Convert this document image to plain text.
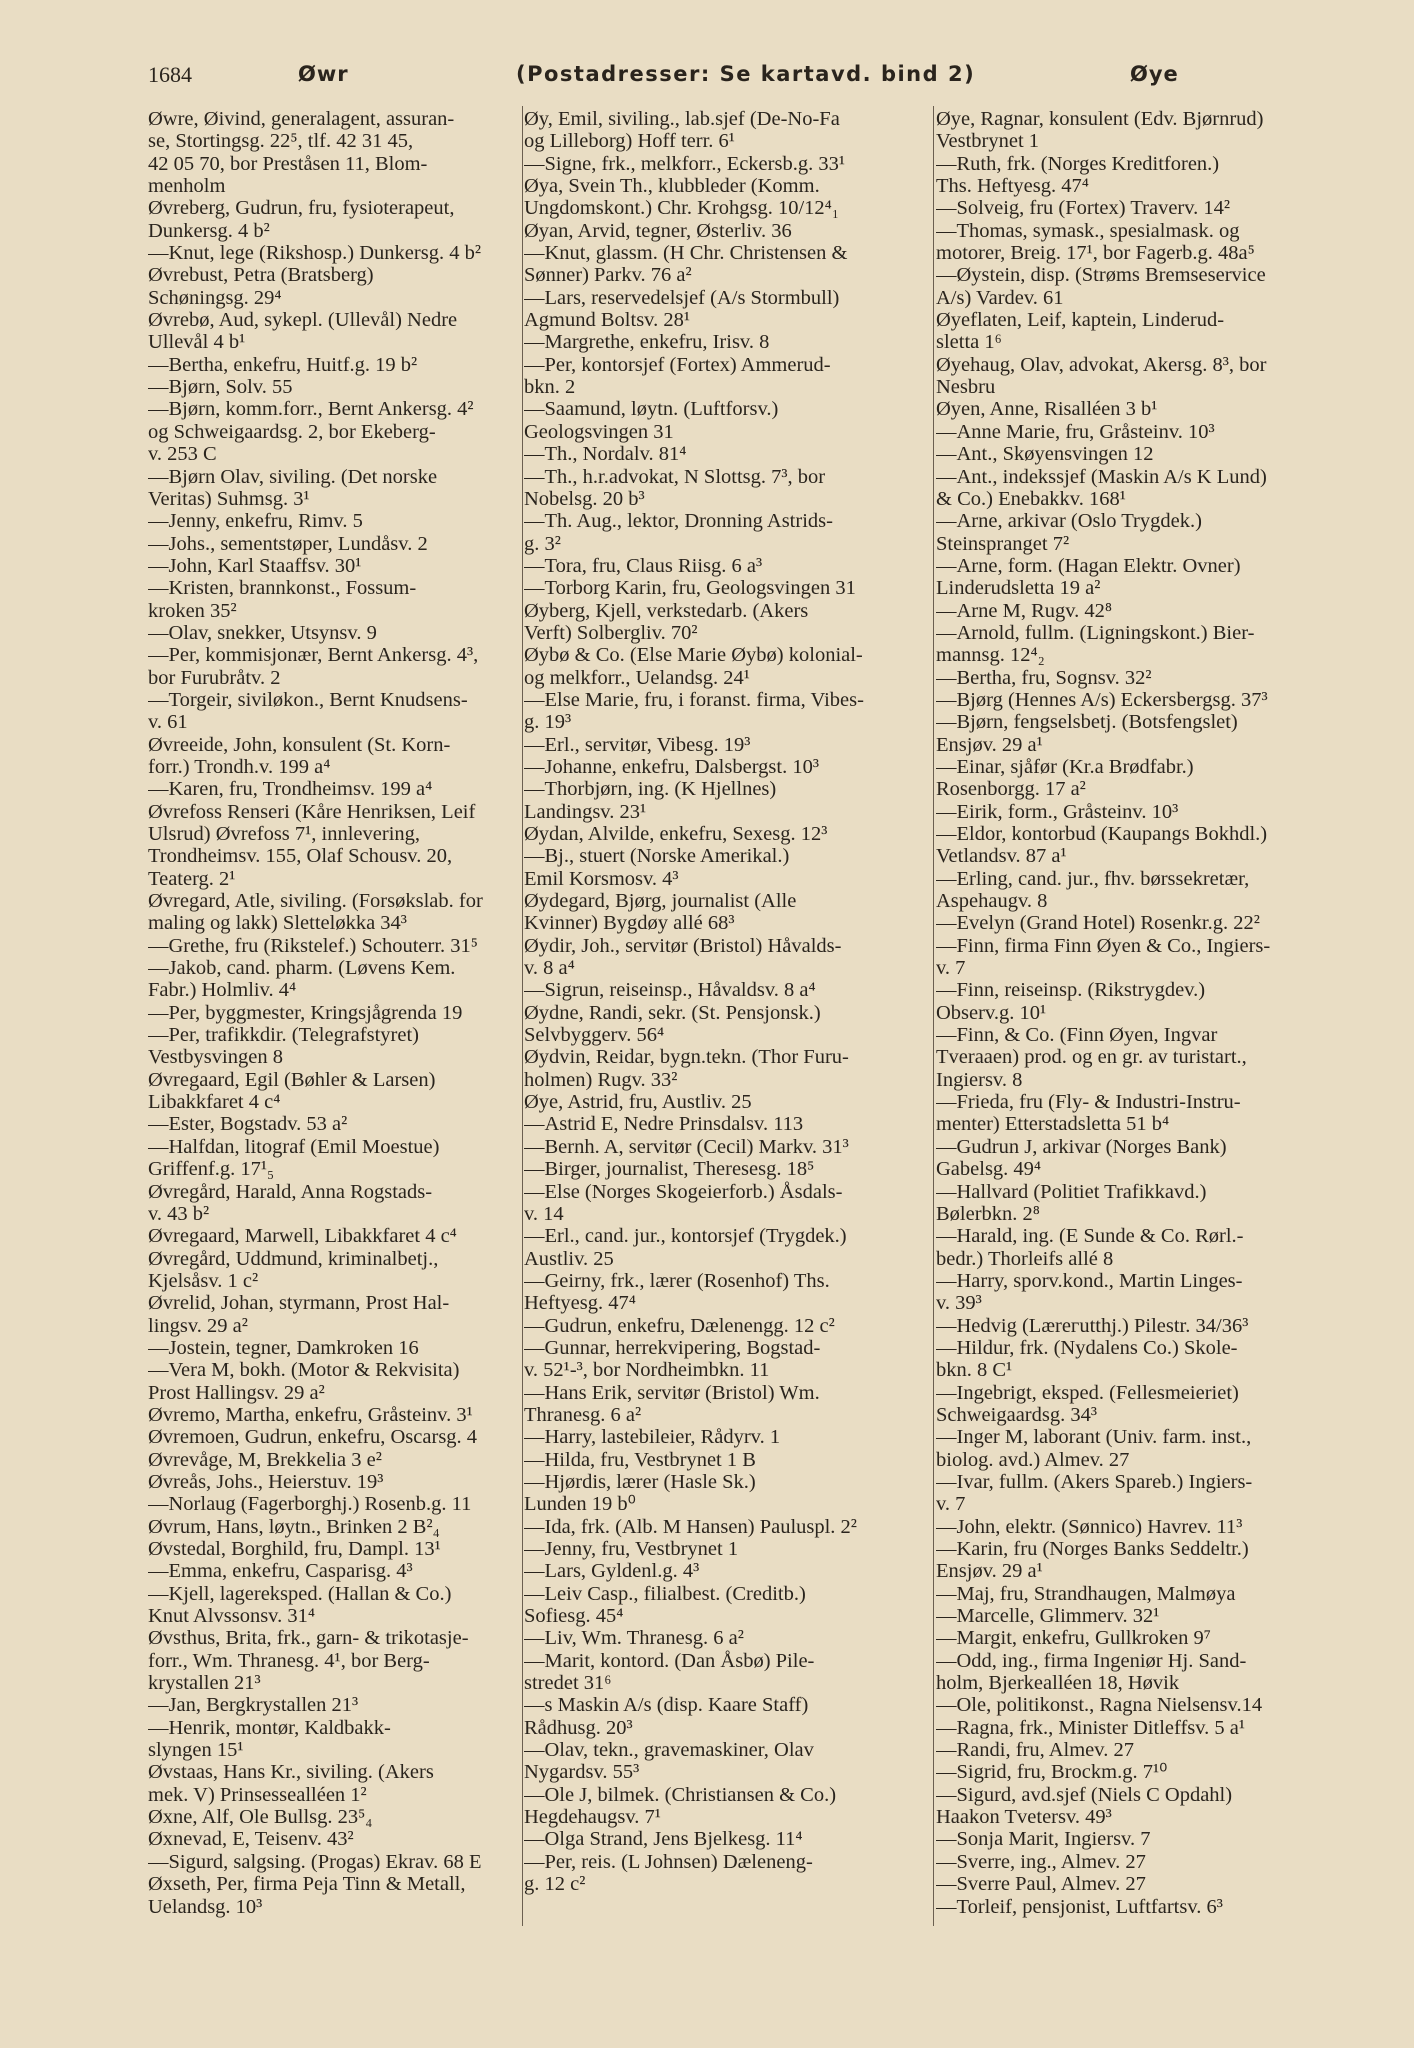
1684	Øwr	(Postadresser: Se kartavd. bind 2)	Øye
Øwre, Øivind, generalagent, assuran-
se, Stortingsg. 22⁵, tlf. 42 31 45,
42 05 70, bor Preståsen 11, Blom-
menholm
Øvreberg, Gudrun, fru, fysioterapeut,
Dunkersg. 4 b²
—Knut, lege (Rikshosp.) Dunkersg. 4 b²
Øvrebust, Petra (Bratsberg)
Schøningsg. 29⁴
Øvrebø, Aud, sykepl. (Ullevål) Nedre
Ullevål 4 b¹
—Bertha, enkefru, Huitf.g. 19 b²
—Bjørn, Solv. 55
—Bjørn, komm.forr., Bernt Ankersg. 4²
og Schweigaardsg. 2, bor Ekeberg-
v. 253 C
—Bjørn Olav, siviling. (Det norske
Veritas) Suhmsg. 3¹
—Jenny, enkefru, Rimv. 5
—Johs., sementstøper, Lundåsv. 2
—John, Karl Staaffsv. 30¹
—Kristen, brannkonst., Fossum-
kroken 35²
—Olav, snekker, Utsynsv. 9
—Per, kommisjonær, Bernt Ankersg. 4³,
bor Furubråtv. 2
—Torgeir, siviløkon., Bernt Knudsens-
v. 61
Øvreeide, John, konsulent (St. Korn-
forr.) Trondh.v. 199 a⁴
—Karen, fru, Trondheimsv. 199 a⁴
Øvrefoss Renseri (Kåre Henriksen, Leif
Ulsrud) Øvrefoss 7¹, innlevering,
Trondheimsv. 155, Olaf Schousv. 20,
Teaterg. 2¹
Øvregard, Atle, siviling. (Forsøkslab. for
maling og lakk) Sletteløkka 34³
—Grethe, fru (Rikstelef.) Schouterr. 31⁵
—Jakob, cand. pharm. (Løvens Kem.
Fabr.) Holmliv. 4⁴
—Per, byggmester, Kringsjågrenda 19
—Per, trafikkdir. (Telegrafstyret)
Vestbysvingen 8
Øvregaard, Egil (Bøhler & Larsen)
Libakkfaret 4 c⁴
—Ester, Bogstadv. 53 a²
—Halfdan, litograf (Emil Moestue)
Griffenf.g. 17¹₅
Øvregård, Harald, Anna Rogstads-
v. 43 b²
Øvregaard, Marwell, Libakkfaret 4 c⁴
Øvregård, Uddmund, kriminalbetj.,
Kjelsåsv. 1 c²
Øvrelid, Johan, styrmann, Prost Hal-
lingsv. 29 a²
—Jostein, tegner, Damkroken 16
—Vera M, bokh. (Motor & Rekvisita)
Prost Hallingsv. 29 a²
Øvremo, Martha, enkefru, Gråsteinv. 3¹
Øvremoen, Gudrun, enkefru, Oscarsg. 4
Øvrevåge, M, Brekkelia 3 e²
Øvreås, Johs., Heierstuv. 19³
—Norlaug (Fagerborghj.) Rosenb.g. 11
Øvrum, Hans, løytn., Brinken 2 B²₄
Øvstedal, Borghild, fru, Dampl. 13¹
—Emma, enkefru, Casparisg. 4³
—Kjell, lagereksped. (Hallan & Co.)
Knut Alvssonsv. 31⁴
Øvsthus, Brita, frk., garn- & trikotasje-
forr., Wm. Thranesg. 4¹, bor Berg-
krystallen 21³
—Jan, Bergkrystallen 21³
—Henrik, montør, Kaldbakk-
slyngen 15¹
Øvstaas, Hans Kr., siviling. (Akers
mek. V) Prinsessealléen 1²
Øxne, Alf, Ole Bullsg. 23⁵₄
Øxnevad, E, Teisenv. 43²
—Sigurd, salgsing. (Progas) Ekrav. 68 E
Øxseth, Per, firma Peja Tinn & Metall,
Uelandsg. 10³
Øy, Emil, siviling., lab.sjef (De-No-Fa
og Lilleborg) Hoff terr. 6¹
—Signe, frk., melkforr., Eckersb.g. 33¹
Øya, Svein Th., klubbleder (Komm.
Ungdomskont.) Chr. Krohgsg. 10/12⁴₁
Øyan, Arvid, tegner, Østerliv. 36
—Knut, glassm. (H Chr. Christensen &
Sønner) Parkv. 76 a²
—Lars, reservedelsjef (A/s Stormbull)
Agmund Boltsv. 28¹
—Margrethe, enkefru, Irisv. 8
—Per, kontorsjef (Fortex) Ammerud-
bkn. 2
—Saamund, løytn. (Luftforsv.)
Geologsvingen 31
—Th., Nordalv. 81⁴
—Th., h.r.advokat, N Slottsg. 7³, bor
Nobelsg. 20 b³
—Th. Aug., lektor, Dronning Astrids-
g. 3²
—Tora, fru, Claus Riisg. 6 a³
—Torborg Karin, fru, Geologsvingen 31
Øyberg, Kjell, verkstedarb. (Akers
Verft) Solbergliv. 70²
Øybø & Co. (Else Marie Øybø) kolonial-
og melkforr., Uelandsg. 24¹
—Else Marie, fru, i foranst. firma, Vibes-
g. 19³
—Erl., servitør, Vibesg. 19³
—Johanne, enkefru, Dalsbergst. 10³
—Thorbjørn, ing. (K Hjellnes)
Landingsv. 23¹
Øydan, Alvilde, enkefru, Sexesg. 12³
—Bj., stuert (Norske Amerikal.)
Emil Korsmosv. 4³
Øydegard, Bjørg, journalist (Alle
Kvinner) Bygdøy allé 68³
Øydir, Joh., servitør (Bristol) Håvalds-
v. 8 a⁴
—Sigrun, reiseinsp., Håvaldsv. 8 a⁴
Øydne, Randi, sekr. (St. Pensjonsk.)
Selvbyggerv. 56⁴
Øydvin, Reidar, bygn.tekn. (Thor Furu-
holmen) Rugv. 33²
Øye, Astrid, fru, Austliv. 25
—Astrid E, Nedre Prinsdalsv. 113
—Bernh. A, servitør (Cecil) Markv. 31³
—Birger, journalist, Theresesg. 18⁵
—Else (Norges Skogeierforb.) Åsdals-
v. 14
—Erl., cand. jur., kontorsjef (Trygdek.)
Austliv. 25
—Geirny, frk., lærer (Rosenhof) Ths.
Heftyesg. 47⁴
—Gudrun, enkefru, Dælenengg. 12 c²
—Gunnar, herrekvipering, Bogstad-
v. 52¹-³, bor Nordheimbkn. 11
—Hans Erik, servitør (Bristol) Wm.
Thranesg. 6 a²
—Harry, lastebileier, Rådyrv. 1
—Hilda, fru, Vestbrynet 1 B
—Hjørdis, lærer (Hasle Sk.)
Lunden 19 b⁰
—Ida, frk. (Alb. M Hansen) Pauluspl. 2²
—Jenny, fru, Vestbrynet 1
—Lars, Gyldenl.g. 4³
—Leiv Casp., filialbest. (Creditb.)
Sofiesg. 45⁴
—Liv, Wm. Thranesg. 6 a²
—Marit, kontord. (Dan Åsbø) Pile-
stredet 31⁶
—s Maskin A/s (disp. Kaare Staff)
Rådhusg. 20³
—Olav, tekn., gravemaskiner, Olav
Nygardsv. 55³
—Ole J, bilmek. (Christiansen & Co.)
Hegdehaugsv. 7¹
—Olga Strand, Jens Bjelkesg. 11⁴
—Per, reis. (L Johnsen) Dæleneng-
g. 12 c²
Øye, Ragnar, konsulent (Edv. Bjørnrud)
Vestbrynet 1
—Ruth, frk. (Norges Kreditforen.)
Ths. Heftyesg. 47⁴
—Solveig, fru (Fortex) Traverv. 14²
—Thomas, symask., spesialmask. og
motorer, Breig. 17¹, bor Fagerb.g. 48a⁵
—Øystein, disp. (Strøms Bremseservice
A/s) Vardev. 61
Øyeflaten, Leif, kaptein, Linderud-
sletta 1⁶
Øyehaug, Olav, advokat, Akersg. 8³, bor
Nesbru
Øyen, Anne, Risalléen 3 b¹
—Anne Marie, fru, Gråsteinv. 10³
—Ant., Skøyensvingen 12
—Ant., indekssjef (Maskin A/s K Lund)
& Co.) Enebakkv. 168¹
—Arne, arkivar (Oslo Trygdek.)
Steinspranget 7²
—Arne, form. (Hagan Elektr. Ovner)
Linderudsletta 19 a²
—Arne M, Rugv. 42⁸
—Arnold, fullm. (Ligningskont.) Bier-
mannsg. 12⁴₂
—Bertha, fru, Sognsv. 32²
—Bjørg (Hennes A/s) Eckersbergsg. 37³
—Bjørn, fengselsbetj. (Botsfengslet)
Ensjøv. 29 a¹
—Einar, sjåfør (Kr.a Brødfabr.)
Rosenborgg. 17 a²
—Eirik, form., Gråsteinv. 10³
—Eldor, kontorbud (Kaupangs Bokhdl.)
Vetlandsv. 87 a¹
—Erling, cand. jur., fhv. børssekretær,
Aspehaugv. 8
—Evelyn (Grand Hotel) Rosenkr.g. 22²
—Finn, firma Finn Øyen & Co., Ingiers-
v. 7
—Finn, reiseinsp. (Rikstrygdev.)
Observ.g. 10¹
—Finn, & Co. (Finn Øyen, Ingvar
Tveraaen) prod. og en gr. av turistart.,
Ingiersv. 8
—Frieda, fru (Fly- & Industri-Instru-
menter) Etterstadsletta 51 b⁴
—Gudrun J, arkivar (Norges Bank)
Gabelsg. 49⁴
—Hallvard (Politiet Trafikkavd.)
Bølerbkn. 2⁸
—Harald, ing. (E Sunde & Co. Rørl.-
bedr.) Thorleifs allé 8
—Harry, sporv.kond., Martin Linges-
v. 39³
—Hedvig (Lærегutthj.) Pilestr. 34/36³
—Hildur, frk. (Nydalens Co.) Skole-
bkn. 8 C¹
—Ingebrigt, eksped. (Fellesmeieriet)
Schweigaardsg. 34³
—Inger M, laborant (Univ. farm. inst.,
biolog. avd.) Almev. 27
—Ivar, fullm. (Akers Spareb.) Ingiers-
v. 7
—John, elektr. (Sønnico) Havrev. 11³
—Karin, fru (Norges Banks Seddeltr.)
Ensjøv. 29 a¹
—Maj, fru, Strandhaugen, Malmøya
—Marcelle, Glimmerv. 32¹
—Margit, enkefru, Gullkroken 9⁷
—Odd, ing., firma Ingeniør Hj. Sand-
holm, Bjerkealléen 18, Høvik
—Ole, politikonst., Ragna Nielsensv.14
—Ragna, frk., Minister Ditleffsv. 5 a¹
—Randi, fru, Almev. 27
—Sigrid, fru, Brockm.g. 7¹⁰
—Sigurd, avd.sjef (Niels C Opdahl)
Haakon Tvetersv. 49³
—Sonja Marit, Ingiersv. 7
—Sverre, ing., Almev. 27
—Sverre Paul, Almev. 27
—Torleif, pensjonist, Luftfartsv. 6³
